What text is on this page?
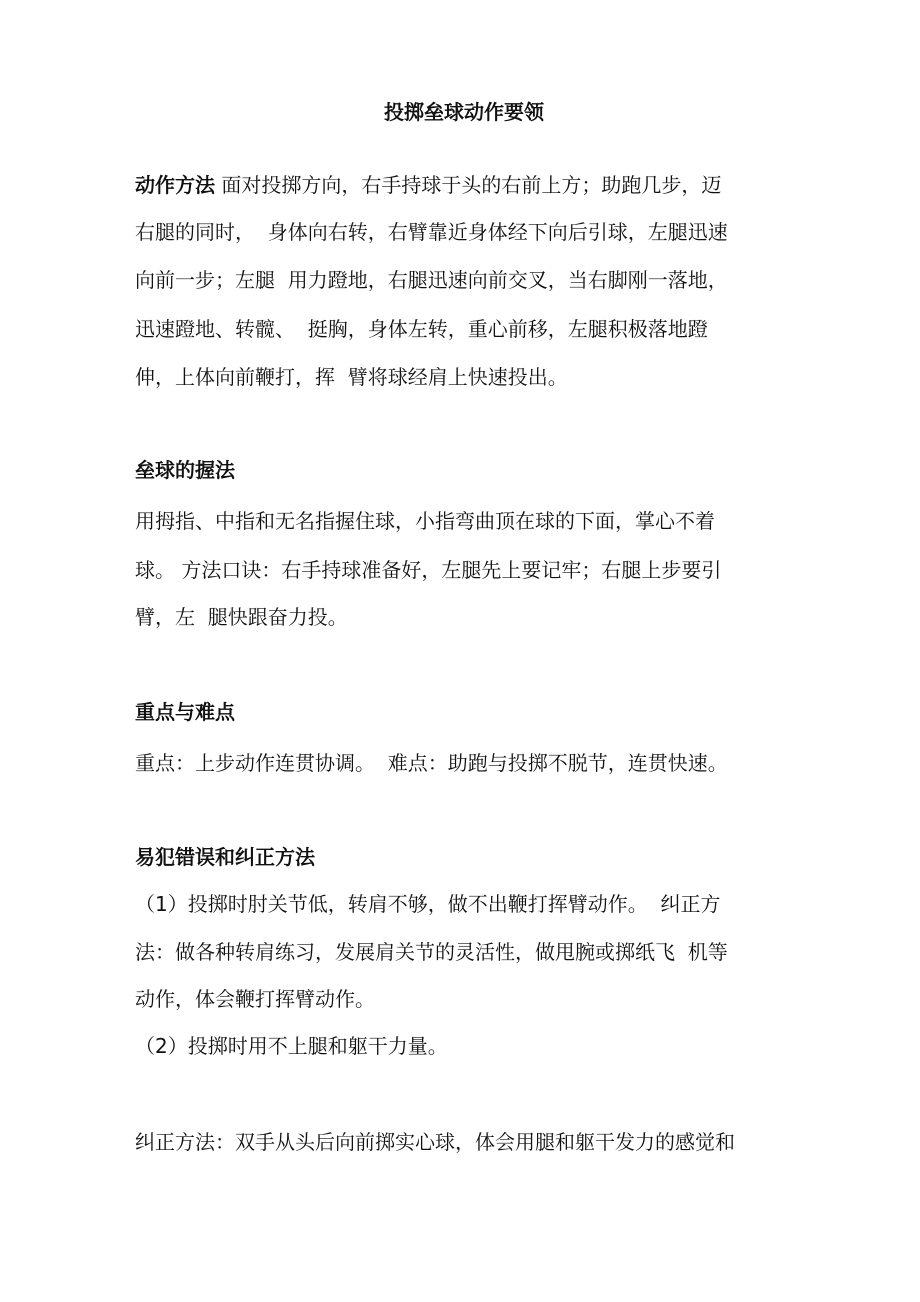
投掷垒球动作要领
动作方法 面对投掷方向，右手持球于头的右前上方；助跑几步，迈
右腿的同时，  身体向右转，右臂靠近身体经下向后引球，左腿迅速
向前一步；左腿  用力蹬地，右腿迅速向前交叉，当右脚刚一落地，
迅速蹬地、转髋、  挺胸，身体左转，重心前移，左腿积极落地蹬
伸，上体向前鞭打，挥  臂将球经肩上快速投出。
垒球的握法
用拇指、中指和无名指握住球，小指弯曲顶在球的下面，掌心不着
球。 方法口诀：右手持球准备好，左腿先上要记牢；右腿上步要引
臂，左  腿快跟奋力投。
重点与难点
重点：上步动作连贯协调。  难点：助跑与投掷不脱节，连贯快速。
易犯错误和纠正方法
（1）投掷时肘关节低，转肩不够，做不出鞭打挥臂动作。  纠正方
法：做各种转肩练习，发展肩关节的灵活性，做甩腕或掷纸飞  机等
动作，体会鞭打挥臂动作。
（2）投掷时用不上腿和躯干力量。
纠正方法：双手从头后向前掷实心球，体会用腿和躯干发力的感觉和
